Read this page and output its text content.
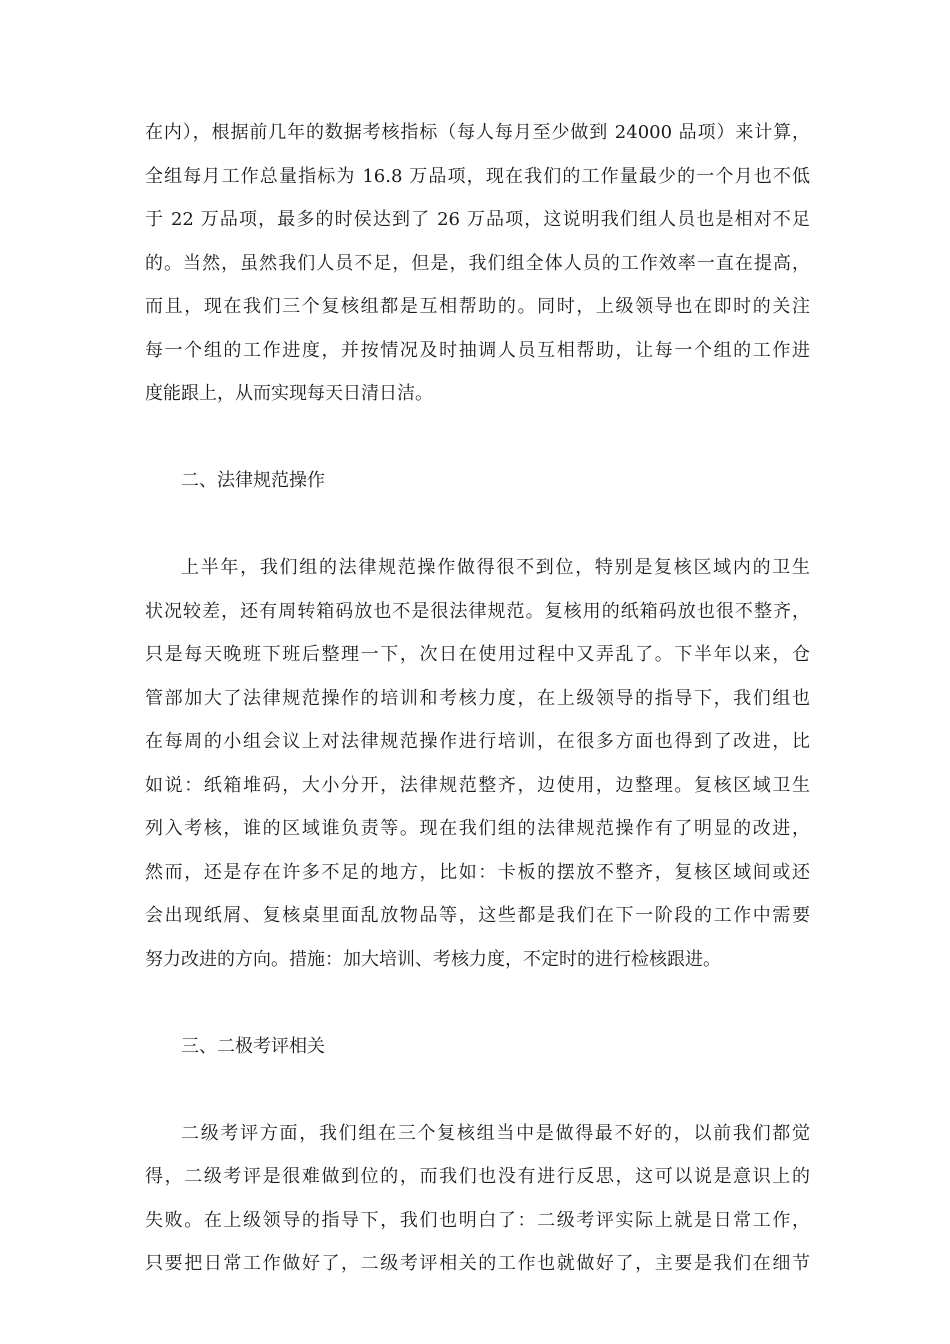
在内），根据前几年的数据考核指标（每人每月至少做到 24000 品项）来计算，
全组每月工作总量指标为 16.8 万品项，现在我们的工作量最少的一个月也不低
于 22 万品项，最多的时侯达到了 26 万品项，这说明我们组人员也是相对不足
的。当然，虽然我们人员不足，但是，我们组全体人员的工作效率一直在提高，
而且，现在我们三个复核组都是互相帮助的。同时，上级领导也在即时的关注
每一个组的工作进度，并按情况及时抽调人员互相帮助，让每一个组的工作进
度能跟上，从而实现每天日清日洁。
二、法律规范操作
上半年，我们组的法律规范操作做得很不到位，特别是复核区域内的卫生
状况较差，还有周转箱码放也不是很法律规范。复核用的纸箱码放也很不整齐，
只是每天晚班下班后整理一下，次日在使用过程中又弄乱了。下半年以来，仓
管部加大了法律规范操作的培训和考核力度，在上级领导的指导下，我们组也
在每周的小组会议上对法律规范操作进行培训，在很多方面也得到了改进，比
如说：纸箱堆码，大小分开，法律规范整齐，边使用，边整理。复核区域卫生
列入考核，谁的区域谁负责等。现在我们组的法律规范操作有了明显的改进，
然而，还是存在许多不足的地方，比如：卡板的摆放不整齐，复核区域间或还
会出现纸屑、复核桌里面乱放物品等，这些都是我们在下一阶段的工作中需要
努力改进的方向。措施：加大培训、考核力度，不定时的进行检核跟进。
三、二极考评相关
二级考评方面，我们组在三个复核组当中是做得最不好的，以前我们都觉
得，二级考评是很难做到位的，而我们也没有进行反思，这可以说是意识上的
失败。在上级领导的指导下，我们也明白了：二级考评实际上就是日常工作，
只要把日常工作做好了，二级考评相关的工作也就做好了，主要是我们在细节
